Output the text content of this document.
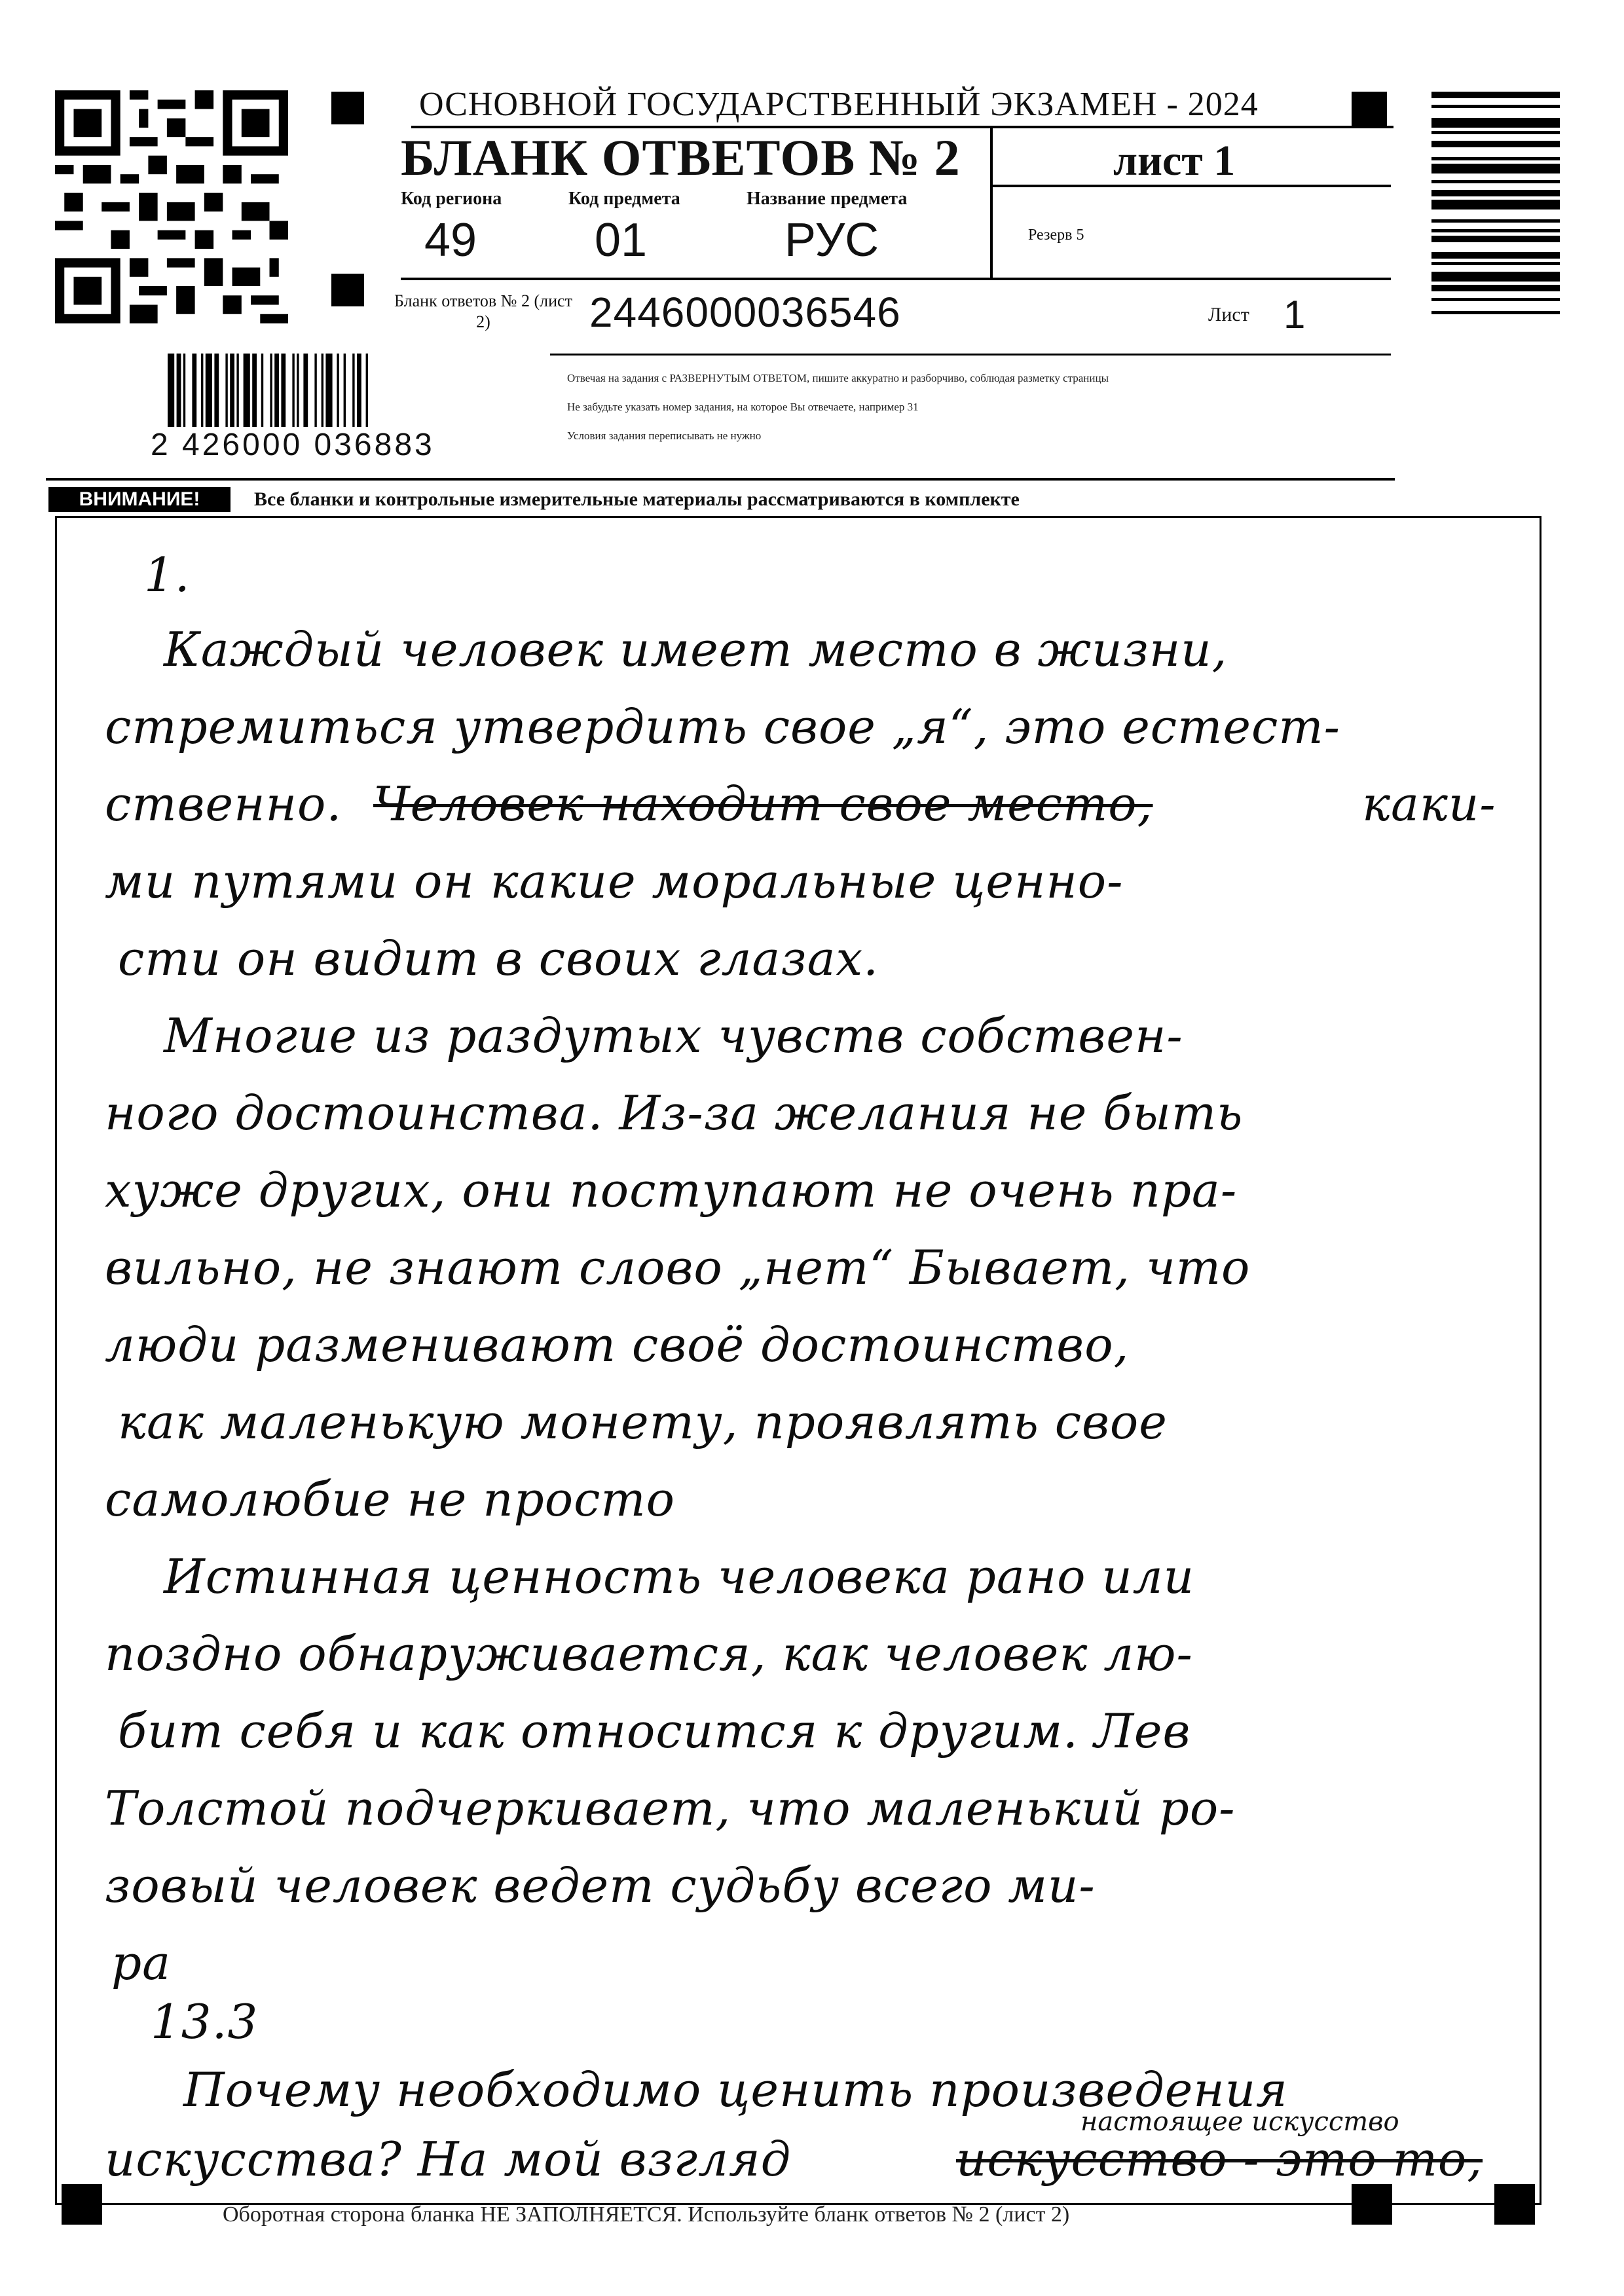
ОСНОВНОЙ ГОСУДАРСТВЕННЫЙ ЭКЗАМЕН - 2024
БЛАНК ОТВЕТОВ № 2	лист 1
Код региона
49
Код предмета
01
Название предмета
РУС	Резерв 5
Бланк ответов № 2 (лист 2)	2446000036546	Лист 1
Отвечая на задания с РАЗВЕРНУТЫМ ОТВЕТОМ, пишите аккуратно и разборчиво, соблюдая разметку страницы
Не забудьте указать номер задания, на которое Вы отвечаете, например 31
Условия задания переписывать не нужно
2 426000 036883
ВНИМАНИЕ!	Все бланки и контрольные измерительные материалы рассматриваются в комплекте
1.
Каждый человек имеет место в жизни,
стремиться утвердить свое „я“, это естест-
ственно. Человек находит свое место,	каки-
ми путями он какие моральные ценно-
сти он видит в своих глазах.
Многие из раздутых чувств собствен-
ного достоинства. Из-за желания не быть
хуже других, они поступают не очень пра-
вильно, не знают слово „нет“ Бывает, что
люди разменивают своё достоинство,
как маленькую монету, проявлять свое
самолюбие не просто
Истинная ценность человека рано или
поздно обнаруживается, как человек лю-
бит себя и как относится к другим. Лев
Толстой подчеркивает, что маленький ро-
зовый человек ведет судьбу всего ми-
ра
13.3
Почему необходимо ценить произведения
искусства? На мой взгляд	искусство - это то,
настоящее искусство
Оборотная сторона бланка НЕ ЗАПОЛНЯЕТСЯ. Используйте бланк ответов № 2 (лист 2)
